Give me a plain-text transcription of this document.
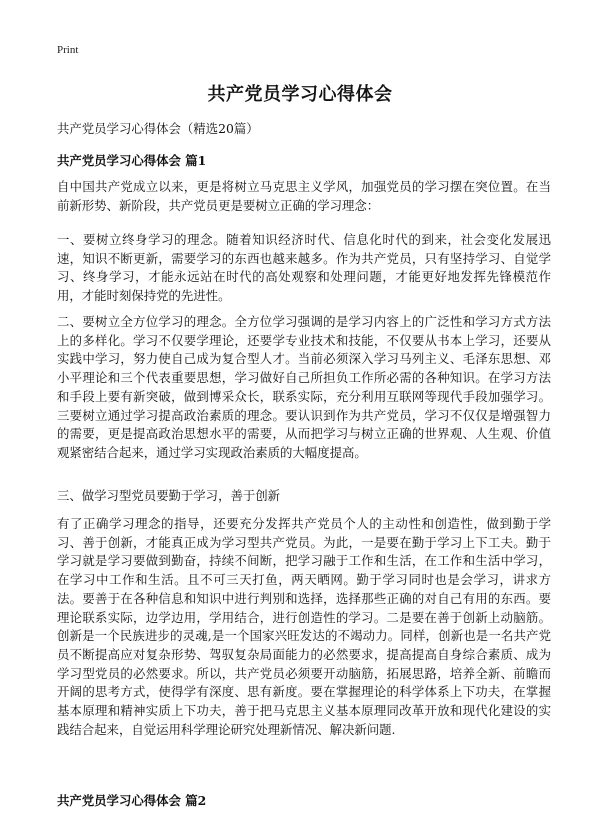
Print
共产党员学习心得体会

共产党员学习心得体会（精选20篇）

共产党员学习心得体会 篇1

自中国共产党成立以来，更是将树立马克思主义学风，加强党员的学习摆在突位置。在当前新形势、新阶段，共产党员更是要树立正确的学习理念：

一、要树立终身学习的理念。随着知识经济时代、信息化时代的到来，社会变化发展迅速，知识不断更新，需要学习的东西也越来越多。作为共产党员，只有坚持学习、自觉学习、终身学习，才能永远站在时代的高处观察和处理问题，才能更好地发挥先锋模范作用，才能时刻保持党的先进性。

二、要树立全方位学习的理念。全方位学习强调的是学习内容上的广泛性和学习方式方法上的多样化。学习不仅要学理论，还要学专业技术和技能，不仅要从书本上学习，还要从实践中学习，努力使自己成为复合型人才。当前必须深入学习马列主义、毛泽东思想、邓小平理论和三个代表重要思想，学习做好自己所担负工作所必需的各种知识。在学习方法和手段上要有新突破，做到博采众长，联系实际，充分利用互联网等现代手段加强学习。三要树立通过学习提高政治素质的理念。要认识到作为共产党员，学习不仅仅是增强智力的需要，更是提高政治思想水平的需要，从而把学习与树立正确的世界观、人生观、价值观紧密结合起来，通过学习实现政治素质的大幅度提高。

三、做学习型党员要勤于学习，善于创新

有了正确学习理念的指导，还要充分发挥共产党员个人的主动性和创造性，做到勤于学习、善于创新，才能真正成为学习型共产党员。为此，一是要在勤于学习上下工夫。勤于学习就是学习要做到勤奋，持续不间断，把学习融于工作和生活，在工作和生活中学习，在学习中工作和生活。且不可三天打鱼，两天晒网。勤于学习同时也是会学习，讲求方法。要善于在各种信息和知识中进行判别和选择，选择那些正确的对自己有用的东西。要理论联系实际，边学边用，学用结合，进行创造性的学习。二是要在善于创新上动脑筋。创新是一个民族进步的灵魂,是一个国家兴旺发达的不竭动力。同样，创新也是一名共产党员不断提高应对复杂形势、驾驭复杂局面能力的必然要求，提高提高自身综合素质、成为学习型党员的必然要求。所以，共产党员必须要开动脑筋，拓展思路，培养全新、前瞻而开阔的思考方式，使得学有深度、思有新度。要在掌握理论的科学体系上下功夫，在掌握基本原理和精神实质上下功夫，善于把马克思主义基本原理同改革开放和现代化建设的实践结合起来，自觉运用科学理论研究处理新情况、解决新问题.

共产党员学习心得体会 篇2
